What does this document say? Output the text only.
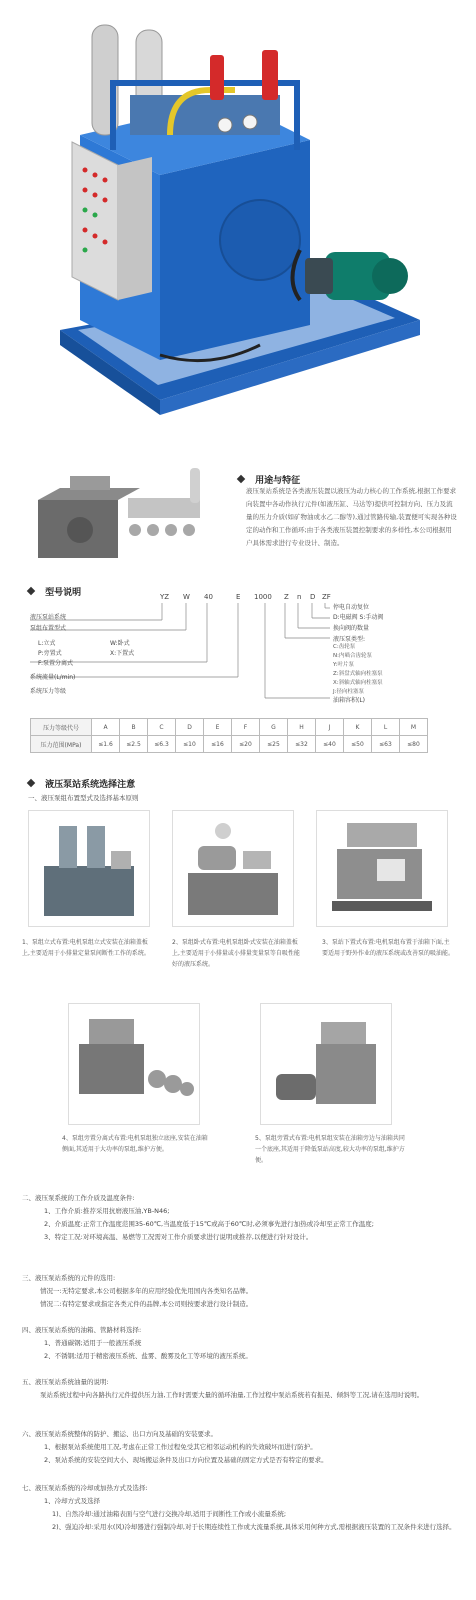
用途与特征
液压泵站系统是各类液压装置以液压为动力核心的工作系统,根据工作要求向装置中各动作执行元件(如液压缸、马达等)提供可控制方向、压力及流量的压力介质(如矿物油或水乙二醇等),通过管路传输,装置便可实现各种设定的动作和工作循环;由于各类液压装置控制要求的多样性,本公司根据用户具体需求进行专业设计、制造。
型号说明	YZ W 40	E 1000 Z n D ZF
液压泵站系统
泵组布置型式
L:立式	W:卧式
P:旁置式	X:下置式
F:泵置分离式
系统流量(L/min)
系统压力等级
停电自动复位
D:电磁阀 S:手动阀
换向阀的数量
液压泵类型:
C:齿轮泵
N:内啮合齿轮泵
Y:叶片泵
Z:斜盘式轴向柱塞泵
X:斜轴式轴向柱塞泵
J:径向柱塞泵
油箱容积(L)
压力等级代号	A	B	C	D	E	F	G	H	J	K	L	M
压力范围(MPa)	≤1.6	≤2.5	≤6.3	≤10	≤16	≤20	≤25	≤32	≤40	≤50	≤63	≤80
液压泵站系统选择注意
一、液压泵组布置型式及选择基本原则
1、泵组立式布置:电机泵组立式安装在油箱盖板上,主要适用于小排量定量泵间断性工作的系统。
2、泵组卧式布置:电机泵组卧式安装在油箱盖板上,主要适用于小排量或小排量变量泵等自吸性能好的液压系统。
3、泵站下置式布置:电机泵组布置于油箱下面,主要适用于野外作业的液压系统或改善泵的吸油能。
4、泵组旁置分离式布置:电机泵组独立底座,安装在油箱侧面,其适用于大功率的泵组,维护方便。
5、泵组旁置式布置:电机泵组安装在油箱旁边与油箱共同一个底座,其适用于降低泵站高度,较大功率的泵组,维护方便。
二、液压泵系统的工作介质及温度条件:
1、工作介质:推荐采用抗磨液压油,YB-N46;
2、介质温度:正常工作温度范围35-60℃,当温度低于15℃或高于60℃时,必须事先进行加热或冷却至正常工作温度;
3、特定工况:对环境高温、易燃等工况需对工作介质要求进行说明或推荐,以便进行针对设计。
三、液压泵站系统的元件的选用:
情况一:无特定要求,本公司根据多年的应用经验优先用国内各类知名品牌。
情况二:有特定要求或指定各类元件的品牌,本公司则按要求进行设计制造。
四、液压泵站系统的油箱、管路材料选择:
1、普通碳钢;适用于一般液压系统
2、不锈钢;适用于精密液压系统、盐雾、酸雾及化工等环境的液压系统。
五、液压泵站系统油量的说明:
泵站系统过程中向各路执行元件提供压力油,工作时需要大量的循环油量,工作过程中泵站系统若有振晃、倾斜等工况,请在选用时说明。
六、液压泵站系统整体的防护、搬运、出口方向及基础的安装要求。
1、根据泵站系统使用工况,考虑在正常工作过程免受其它相邻运动机构的失效破坏而进行防护。
2、泵站系统的安装空间大小、现场搬运条件及出口方向位置及基础的固定方式是否有特定的要求。
七、液压泵站系统的冷却或加热方式及选择:
1、冷却方式及选择
1)、自然冷却:通过油箱表面与空气进行交换冷却,适用于间断性工作或小流量系统;
2)、强迫冷却:采用水(风)冷却器进行强制冷却,对于长期连续性工作或大流量系统,具体采用何种方式,需根据液压装置的工况条件来进行选择。
